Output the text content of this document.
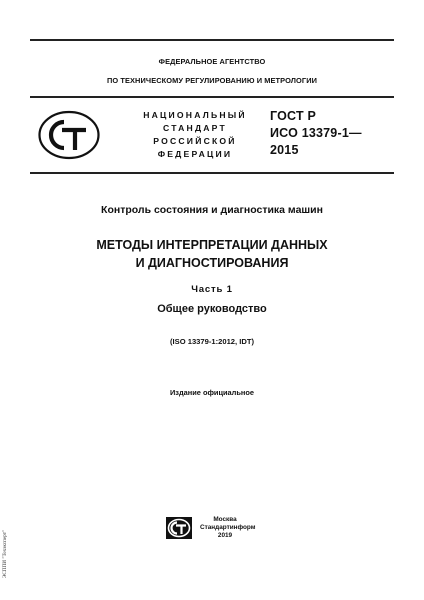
ФЕДЕРАЛЬНОЕ АГЕНТСТВО
ПО ТЕХНИЧЕСКОМУ РЕГУЛИРОВАНИЮ И МЕТРОЛОГИИ
НАЦИОНАЛЬНЫЙ
СТАНДАРТ
РОССИЙСКОЙ
ФЕДЕРАЦИИ
ГОСТ Р
ИСО 13379-1—
2015
Контроль состояния и диагностика машин
МЕТОДЫ ИНТЕРПРЕТАЦИИ ДАННЫХ
И ДИАГНОСТИРОВАНИЯ
Часть 1
Общее руководство
(ISO 13379-1:2012, IDT)
Издание официальное
Москва
Стандартинформ
2019
ЭСППИ "Техэксперт"
